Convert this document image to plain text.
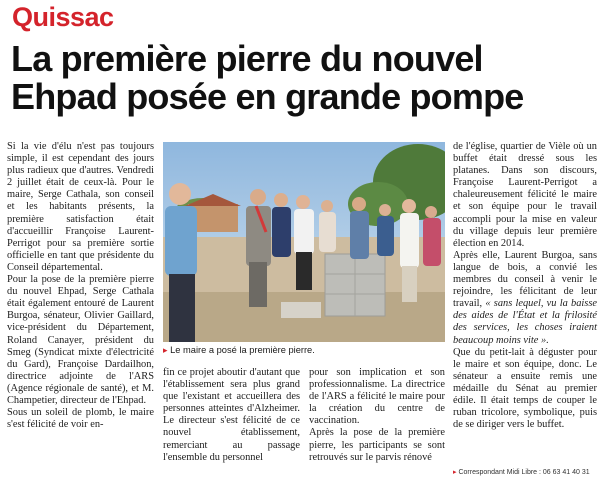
Quissac
La première pierre du nouvel
Ehpad posée en grande pompe

Si la vie d'élu n'est pas toujours simple, il est cependant des jours plus radieux que d'autres. Vendredi 2 juillet était de ceux-là. Pour le maire, Serge Cathala, son conseil et les habitants présents, la première satisfaction était d'accueillir Françoise Laurent-Perrigot pour sa première sortie officielle en tant que présidente du Conseil départemental.

Pour la pose de la première pierre du nouvel Ehpad, Serge Cathala était également entouré de Laurent Burgoa, sénateur, Olivier Gaillard, vice-président du Département, Roland Canayer, président du Smeg (Syndicat mixte d'électricité du Gard), Françoise Dardailhon, directrice adjointe de l'ARS (Agence régionale de santé), et M. Champetier, directeur de l'Ehpad.

Sous un soleil de plomb, le maire s'est félicité de voir en-

▸ Le maire a posé la première pierre.

fin ce projet aboutir d'autant que l'établissement sera plus grand que l'existant et accueillera des personnes atteintes d'Alzheimer. Le directeur s'est félicité de ce nouvel établissement, remerciant au passage l'ensemble du personnel

pour son implication et son professionnalisme. La directrice de l'ARS a félicité le maire pour la création du centre de vaccination.

Après la pose de la première pierre, les participants se sont retrouvés sur le parvis rénové

de l'église, quartier de Vièle où un buffet était dressé sous les platanes. Dans son discours, Françoise Laurent-Perrigot a chaleureusement félicité le maire et son équipe pour le travail accompli pour la mise en valeur du village depuis leur première élection en 2014.

Après elle, Laurent Burgoa, sans langue de bois, a convié les membres du conseil à venir le rejoindre, les félicitant de leur travail, « sans lequel, vu la baisse des aides de l'État et la frilosité des services, les choses iraient beaucoup moins vite ».

Que du petit-lait à déguster pour le maire et son équipe, donc. Le sénateur a ensuite remis une médaille du Sénat au premier édile. Il était temps de couper le ruban tricolore, symbolique, puis de se diriger vers le buffet.

▸ Correspondant Midi Libre : 06 63 41 40 31
